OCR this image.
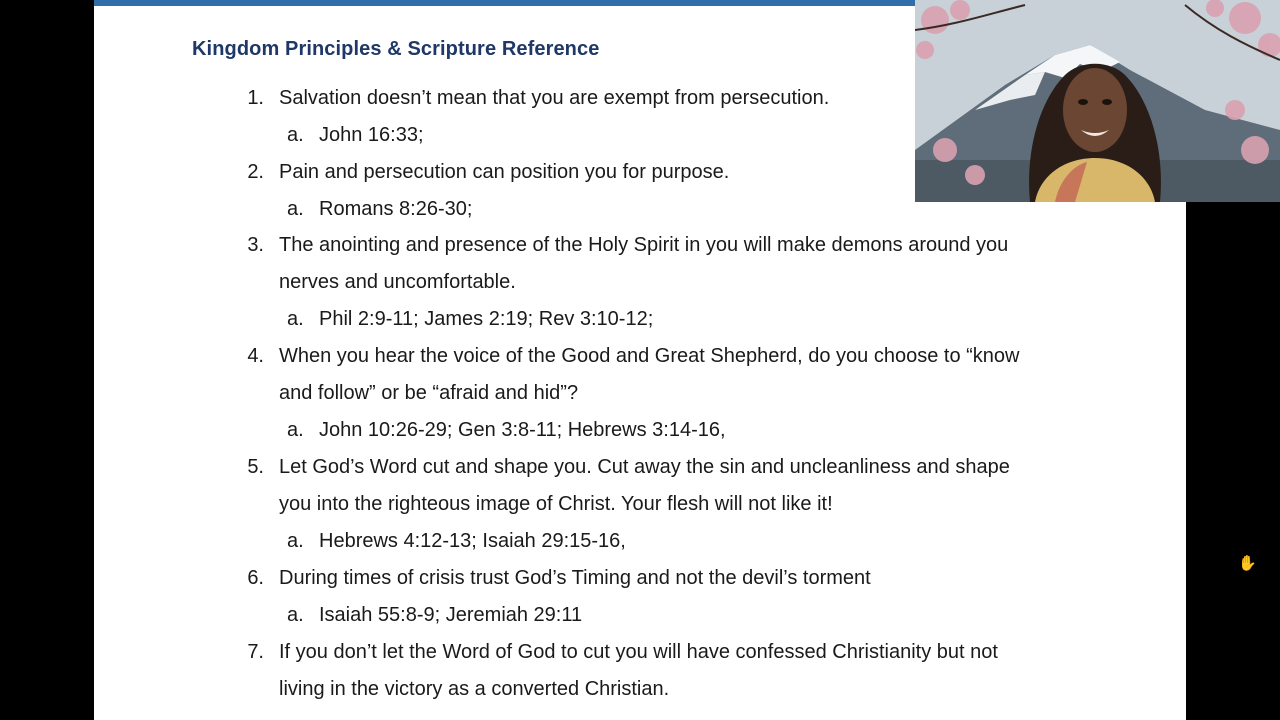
Kingdom Principles & Scripture Reference
1. Salvation doesn’t mean that you are exempt from persecution.
a. John 16:33;
2. Pain and persecution can position you for purpose.
a. Romans 8:26-30;
3. The anointing and presence of the Holy Spirit in you will make demons around you
nerves and uncomfortable.
a. Phil 2:9-11; James 2:19; Rev 3:10-12;
4. When you hear the voice of the Good and Great Shepherd, do you choose to “know
and follow” or be “afraid and hid”?
a. John 10:26-29; Gen 3:8-11; Hebrews 3:14-16,
5. Let God’s Word cut and shape you. Cut away the sin and uncleanliness and shape
you into the righteous image of Christ. Your flesh will not like it!
a. Hebrews 4:12-13; Isaiah 29:15-16,
6. During times of crisis trust God’s Timing and not the devil’s torment
a. Isaiah 55:8-9; Jeremiah 29:11
7. If you don’t let the Word of God to cut you will have confessed Christianity but not
living in the victory as a converted Christian.
✋
